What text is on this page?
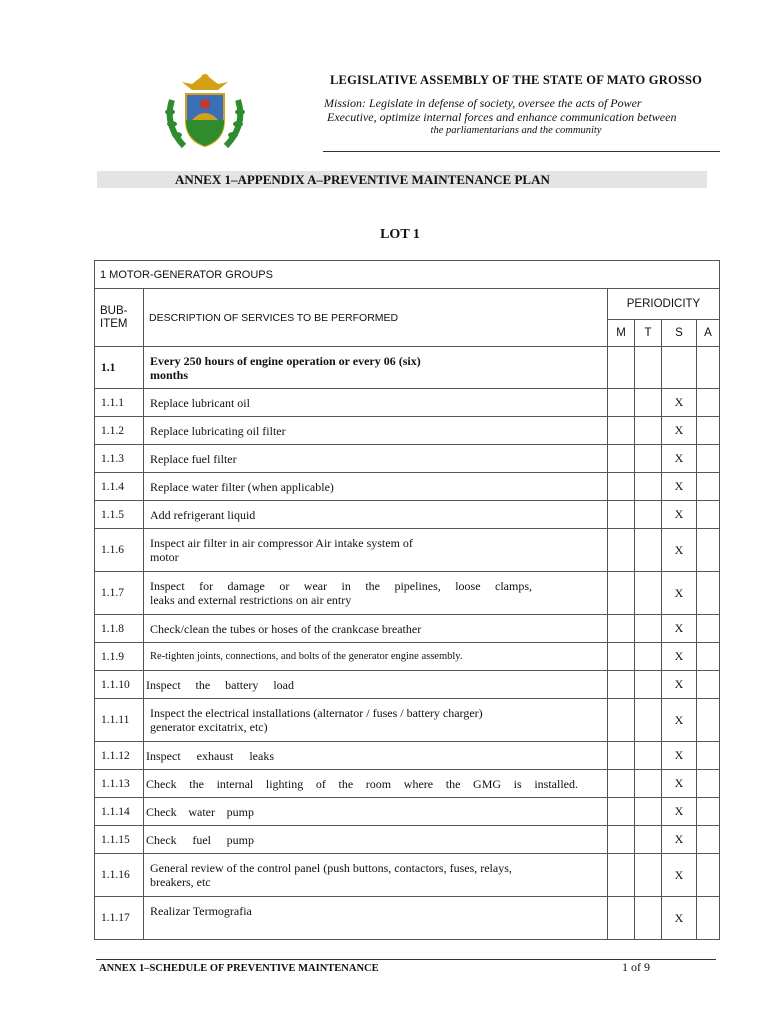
LEGISLATIVE ASSEMBLY OF THE STATE OF MATO GROSSO
Mission: Legislate in defense of society, oversee the acts of Power
Executive, optimize internal forces and enhance communication between
the parliamentarians and the community
ANNEX 1–APPENDIX A–PREVENTIVE MAINTENANCE PLAN
LOT 1
1 MOTOR-GENERATOR GROUPS					
BUB- ITEM	DESCRIPTION OF SERVICES TO BE PERFORMED	PERIODICITY			
		M	T	S	A
1.1	Every 250 hours of engine operation or every 06 (six)
months				

1.1.1	Replace lubricant oil			X	
1.1.2	Replace lubricating oil filter			X	
1.1.3	Replace fuel filter			X	
1.1.4	Replace water filter (when applicable)			X	
1.1.5	Add refrigerant liquid			X	
1.1.6	Inspect air filter in air compressor Air intake system of
motor			X	
1.1.7	Inspect for damage or wear in the pipelines, loose clamps,
leaks and external restrictions on air entry			X	
1.1.8	Check/clean the tubes or hoses of the crankcase breather			X	
1.1.9	Re-tighten joints, connections, and bolts of the generator engine assembly.			X	
1.1.10	Inspect the battery load			X	
1.1.11	Inspect the electrical installations (alternator / fuses / battery charger)
generator excitatrix, etc)			X	
1.1.12	Inspect exhaust leaks			X	
1.1.13	Check the internal lighting of the room where the GMG is installed.			X	
1.1.14	Check water pump			X	
1.1.15	Check fuel pump			X	
1.1.16	General review of the control panel (push buttons, contactors, fuses, relays,
breakers, etc			X	
1.1.17	Realizar Termografia			X	
ANNEX 1–SCHEDULE OF PREVENTIVE MAINTENANCE	1 of 9
